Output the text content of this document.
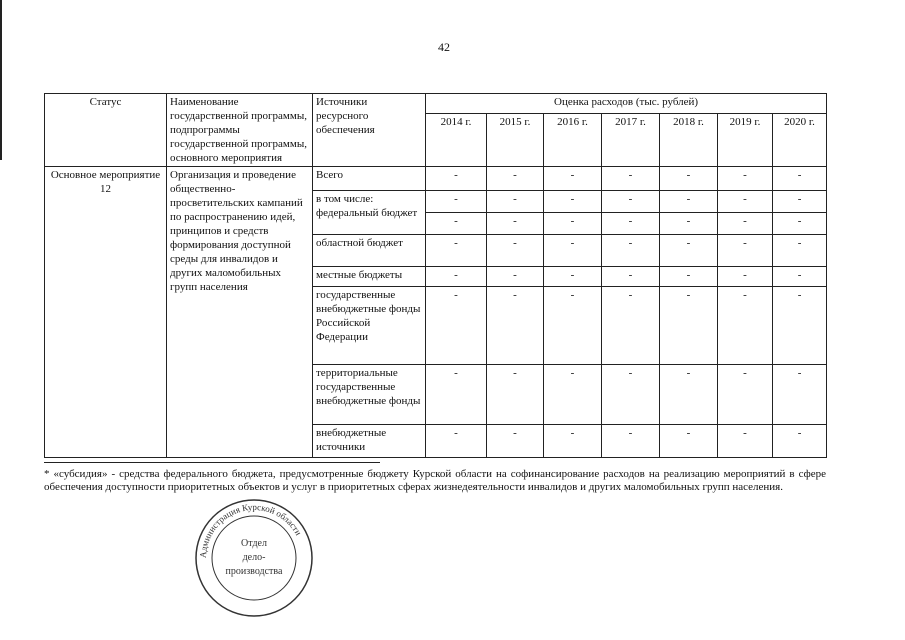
42
Статус	Наименование государственной программы, подпрограммы государственной программы, основного мероприятия	Источники ресурсного обеспечения	Оценка расходов (тыс. рублей)						
			2014 г.	2015 г.	2016 г.	2017 г.	2018 г.	2019 г.	2020 г.
Основное мероприятие 12	Организация и проведение общественно-просветительских кампаний по распространению идей, принципов и средств формирования доступной среды для инвалидов и других маломобильных групп населения	Всего	-	-	-	-	-	-	-
		в том числе: федеральный бюджет	-	-	-	-	-	-	-
			-	-	-	-	-	-	-
		областной бюджет	-	-	-	-	-	-	-
		местные бюджеты	-	-	-	-	-	-	-
		государственные внебюджетные фонды Российской Федерации	-	-	-	-	-	-	-
		территориальные государственные внебюджетные фонды	-	-	-	-	-	-	-
		внебюджетные источники	-	-	-	-	-	-	-
* «субсидия» - средства федерального бюджета, предусмотренные бюджету Курской области на софинансирование расходов на реализацию мероприятий в сфере обеспечения доступности приоритетных объектов и услуг в приоритетных сферах жизнедеятельности инвалидов и других маломобильных групп населения.
Администрация Курской области
Отдел
дело-
производства
